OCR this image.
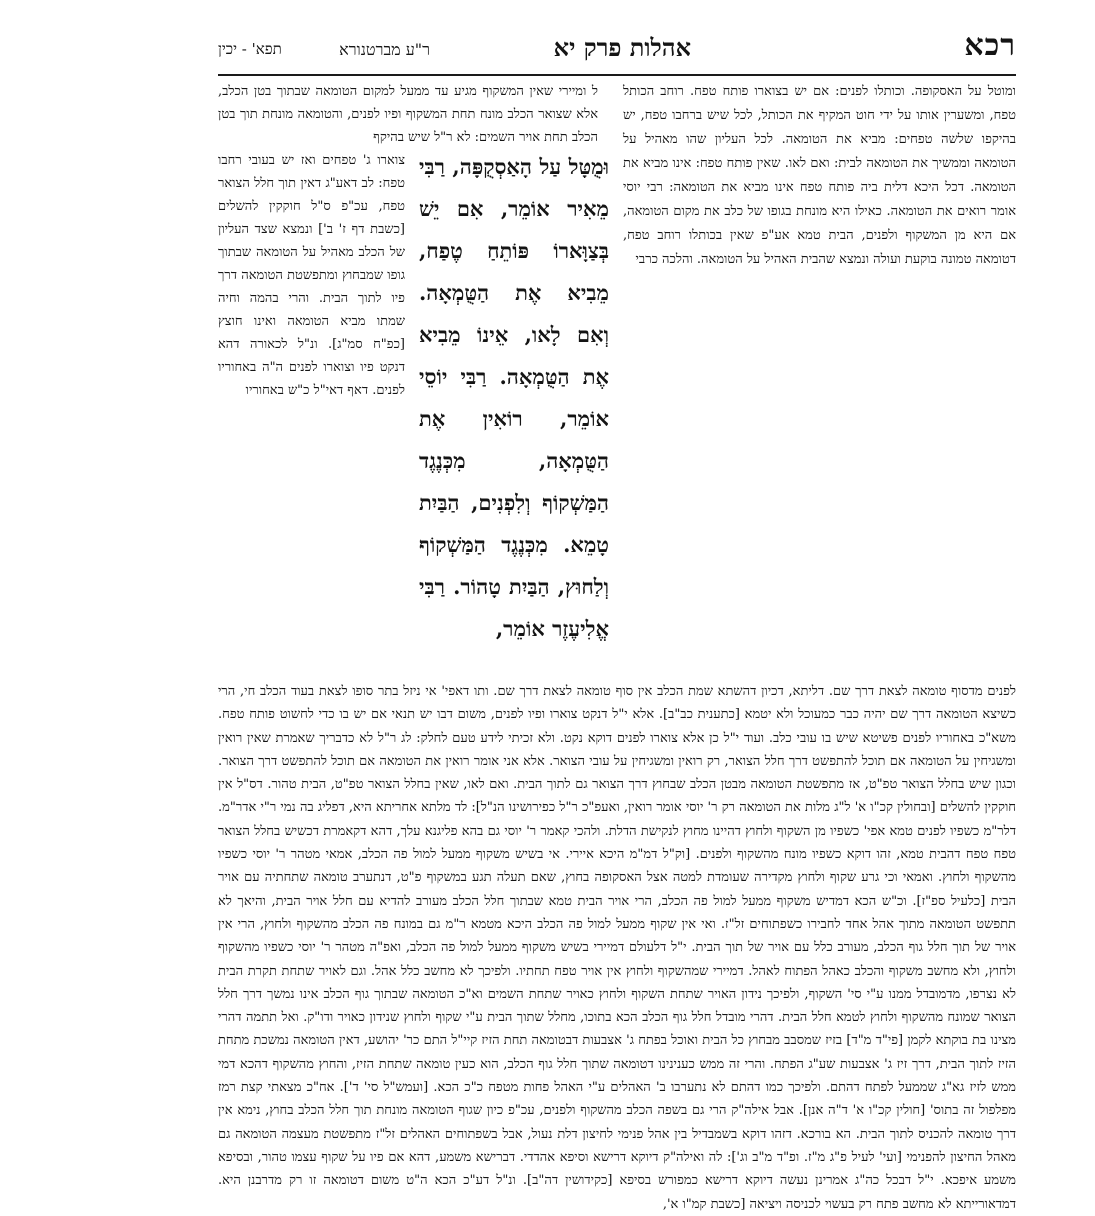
רכא
ר"ע מברטנורא	אהלות פרק יא
תפא' - יכין

ומוטל על האסקופה. וכותלו לפנים: אם יש בצוארו פותח טפח. רוחב הכותל טפח, ומשערין אותו על ידי חוט המקיף את הכותל, לכל שיש ברחבו טפח, יש בהיקפו שלשה טפחים: מביא את הטומאה. לכל העליון שהו מאהיל על הטומאה וממשיך את הטומאה לבית: ואם לאו. שאין פותח טפח: אינו מביא את הטומאה. דכל היכא דלית ביה פותח טפח אינו מביא את הטומאה: רבי יוסי אומר רואים את הטומאה. כאילו היא מונחת בגופו של כלב את מקום הטומאה, אם היא מן המשקוף ולפנים, הבית טמא אע"פ שאין בכותלו רוחב טפח, דטומאה טמונה בוקעת ועולה ונמצא שהבית האהיל על הטומאה. והלכה כרבי

ל ומיירי שאין המשקוף מגיע עד ממעל למקום הטומאה שבתוך בטן הכלב, אלא שצואר הכלב מונח תחת המשקוף ופיו לפנים, והטומאה מונחת תוך בטן הכלב תחת אויר השמים: לא ר"ל שיש בהיקף

צוארו ג' טפחים ואז יש בעובי רחבו טפח: לב דאע"ג דאין תוך חלל הצואר טפח, עכ"פ ס"ל חוקקין להשלים [כשבת דף ז' ב'] ונמצא שצד העליון של הכלב מאהיל על הטומאה שבתוך גופו שמבחוץ ומתפשטת הטומאה דרך פיו לתוך הבית. והרי בהמה וחיה שמתו מביא הטומאה ואינו חוצץ [כפ"ח סמ"ג]. ונ"ל לכאורה דהא דנקט פיו וצוארו לפנים ה"ה באחוריו לפנים. דאף דאי"ל כ"ש באחוריו

וּמֻטָּל עַל הָאַסְקֻפָּה, רַבִּי מֵאִיר אוֹמֵר, אִם יֵשׁ בְּצַוָּארוֹ פּוֹתֵחַ טֶפַח, מֵבִיא אֶת הַטֻּמְאָה. וְאִם לָאו, אֵינוֹ מֵבִיא אֶת הַטֻּמְאָה. רַבִּי יוֹסֵי אוֹמֵר, רוֹאִין אֶת הַטֻּמְאָה, מִכְּנֶגֶד הַמַּשְׁקוֹף וְלִפְנִים, הַבַּיִת טָמֵא. מִכְּנֶגֶד הַמַּשְׁקוֹף וְלַחוּץ, הַבַּיִת טָהוֹר. רַבִּי אֱלִיעֶזֶר אוֹמֵר,

לפנים מדסוף טומאה לצאת דרך שם. דליתא, דכיון דהשתא שמת הכלב אין סוף טומאה לצאת דרך שם. ותו דאפי' אי ניזל בתר סופו לצאת בעוד הכלב חי, הרי כשיצא הטומאה דרך שם יהיה כבר כמעוכל ולא יטמא [כתענית כב"ב]. אלא י"ל דנקט צוארו ופיו לפנים, משום דבו יש תנאי אם יש בו כדי לחשוט פותח טפח. משא"כ באחוריו לפנים פשיטא שיש בו עובי כלב. ועוד י"ל כן אלא צוארו לפנים דוקא נקט. ולא זכיתי לידע טעם לחלק: לג ר"ל לא כדבריך שאמרת שאין רואין ומשגיחין על הטומאה אם תוכל להתפשט דרך חלל הצואר, רק רואין ומשגיחין על עובי הצואר. אלא אני אומר רואין את הטומאה אם תוכל להתפשט דרך הצואר. וכגון שיש בחלל הצואר טפ"ט, אז מתפשטת הטומאה מבטן הכלב שבחוץ דרך הצואר גם לתוך הבית. ואם לאו, שאין בחלל הצואר טפ"ט, הבית טהור. דס"ל אין חוקקין להשלים [ובחולין קכ"ו א' ל"ג מלות את הטומאה רק ר' יוסי אומר רואין, ואעפ"כ ר"ל כפירושינו הנ"ל]: לד מלתא אחריתא היא, דפליג בה נמי ר"י אדר"מ. דלר"מ כשפיו לפנים טמא אפי' כשפיו מן השקוף ולחוץ דהיינו מחוץ לנקישת הדלת. ולהכי קאמר ר' יוסי גם בהא פליגנא עלך, דהא דקאמרת דכשיש בחלל הצואר טפח טפח דהבית טמא, זהו דוקא כשפיו מונח מהשקוף ולפנים. [וק"ל דמ"מ היכא איירי. אי בשיש משקוף ממעל למול פה הכלב, אמאי מטהר ר' יוסי כשפיו מהשקוף ולחוץ. ואמאי וכי גרע שקוף ולחוץ מקדירה שעומדת למטה אצל האסקופה בחוץ, שאם תעלה תגע במשקוף פ"ט, דנתערב טומאה שתחתיה עם אויר הבית [כלעיל ספ"ז]. וכ"ש הכא דמדיש משקוף ממעל למול פה הכלב, הרי אויר הבית טמא שבתוך חלל הכלב מעורב להדיא עם חלל אויר הבית, והיאך לא תתפשט הטומאה מתוך אהל אחד לחבירו כשפתוחים זל"ז. ואי אין שקוף ממעל למול פה הכלב היכא מטמא ר"מ גם במונח פה הכלב מהשקוף ולחוץ, הרי אין אויר של תוך חלל גוף הכלב, מעורב כלל עם אויר של תוך הבית. י"ל דלעולם דמיירי בשיש משקוף ממעל למול פה הכלב, ואפ"ה מטהר ר' יוסי כשפיו מהשקוף ולחוץ, ולא מחשב משקוף והכלב כאהל הפתוח לאהל. דמיירי שמהשקוף ולחוץ אין אויר טפח תחתיו. ולפיכך לא מחשב כלל אהל. וגם לאויר שתחת תקרת הבית לא נצרפו, מדמובדל ממנו ע"י סי' השקוף, ולפיכך נידון האויר שתחת השקוף ולחוץ כאויר שתחת השמים וא"כ הטומאה שבתוך גוף הכלב אינו נמשך דרך חלל הצואר שמונח מהשקוף ולחוץ לטמא חלל הבית. דהרי מובדל חלל גוף הכלב הכא בתוכו, מחלל שתוך הבית ע"י שקוף ולחוץ שנידון כאויר ודו"ק. ואל תתמה דהרי מצינו בת בוקתא לקמן [פי"ד מ"ד] בזיז שמסבב מבחוץ כל הבית ואוכל בפתח ג' אצבעות דבטומאה תחת הזיז קיי"ל התם כר' יהושע, דאין הטומאה נמשכת מתחת הזיז לתוך הבית, דרך זיז ג' אצבעות שע"ג הפתח. והרי זה ממש כענינינו דטומאה שתוך חלל גוף הכלב, הוא כעין טומאה שתחת הזיז, והחוץ מהשקוף דהכא דמי ממש לזיז גא"ג שממעל לפתח דהתם. ולפיכך כמו דהתם לא נתערבו ב' האהלים ע"י האהל פחות מטפח כ"כ הכא. [ועמש"ל סי' ד']. אח"כ מצאתי קצת רמז מפלפול זה בתוס' [חולין קכ"ו א' ד"ה אנן]. אבל אילה"ק הרי גם בשפה הכלב מהשקוף ולפנים, עכ"פ כיון שגוף הטומאה מונחת תוך חלל הכלב בחוץ, נימא אין דרך טומאה להכניס לתוך הבית. הא בורכא. דזהו דוקא בשמבדיל בין אהל פנימי לחיצון דלת נעול, אבל בשפתוחים האהלים זל"ז מתפשטת מעצמה הטומאה גם מאהל החיצון להפנימי [ועי' לעיל פ"ג מ"ז. ופ"ד מ"ב וג']: לה ואילה"ק דיוקא דרישא וסיפא אהדדי. דברישא משמע, דהא אם פיו על שקוף עצמו טהור, ובסיפא משמע איפכא. י"ל דבכל כה"ג אמרינן נעשה דיוקא דרישא כמפורש בסיפא [כקידושין דה"ב]. ונ"ל דע"כ הכא ה"ט משום דטומאה זו רק מדרבנן היא. דמדאורייתא לא מחשב פתח רק בעשוי לכניסה ויציאה [כשבת קמ"ו א',
